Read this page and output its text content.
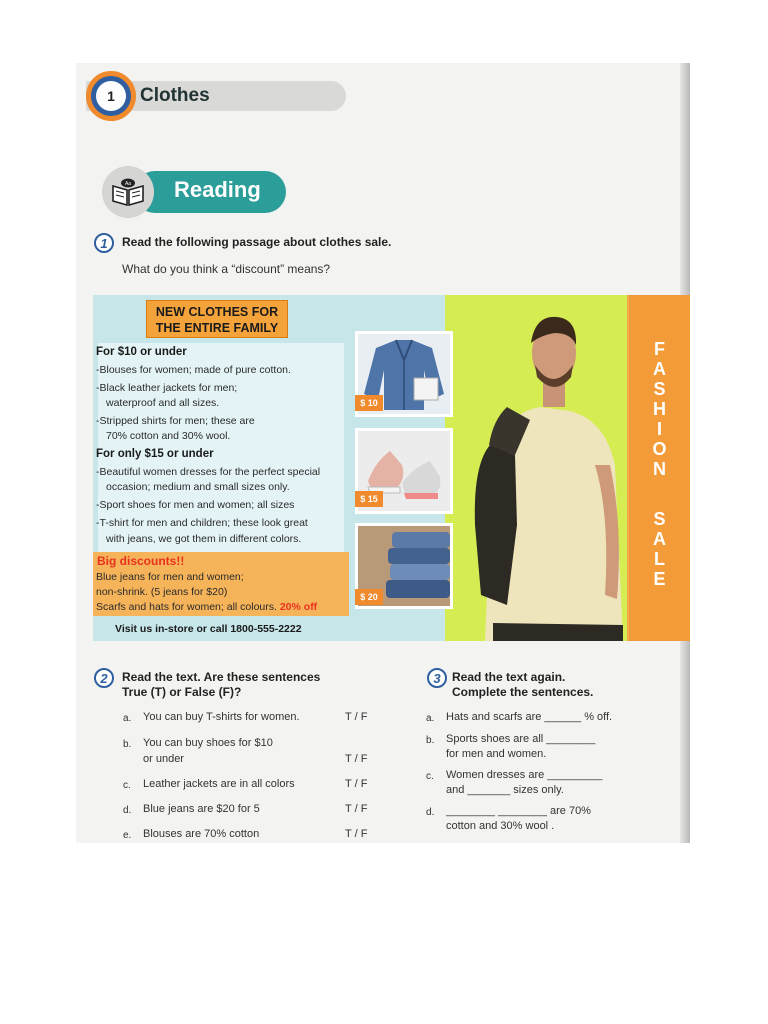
1	Clothes
Aa Reading
1	Read the following passage about clothes sale.
What do you think a “discount” means?
NEW CLOTHES FOR
THE ENTIRE FAMILY
For $10 or under
-Blouses for women; made of pure cotton.
-Black leather jackets for men;
waterproof and all sizes.
-Stripped shirts for men; these are
70% cotton and 30% wool.
For only $15 or under
-Beautiful women dresses for the perfect special
occasion; medium and small sizes only.
-Sport shoes for men and women; all sizes
-T-shirt for men and children; these look great
with jeans, we got them in different colors.
Big discounts!!
Blue jeans for men and women;
non-shrink. (5 jeans for $20)
Scarfs and hats for women; all colours. 20% off
Visit us in-store or call 1800-555-2222
$ 10
$ 15
$ 20
F
A
S
H
I
O
N
S
A
L
E
2	Read the text. Are these sentences
True (T) or False (F)?
a. You can buy T-shirts for women.	T / F
b. You can buy shoes for $10
or under	T / F
c. Leather jackets are in all colors	T / F
d. Blue jeans are $20 for 5	T / F
e. Blouses are 70% cotton	T / F
3 Read the text again.
Complete the sentences.
a. Hats and scarfs are ______ % off.
b. Sports shoes are all ________
for men and women.
c. Women dresses are _________
and _______ sizes only.
d. ________ ________ are 70%
cotton and 30% wool .
